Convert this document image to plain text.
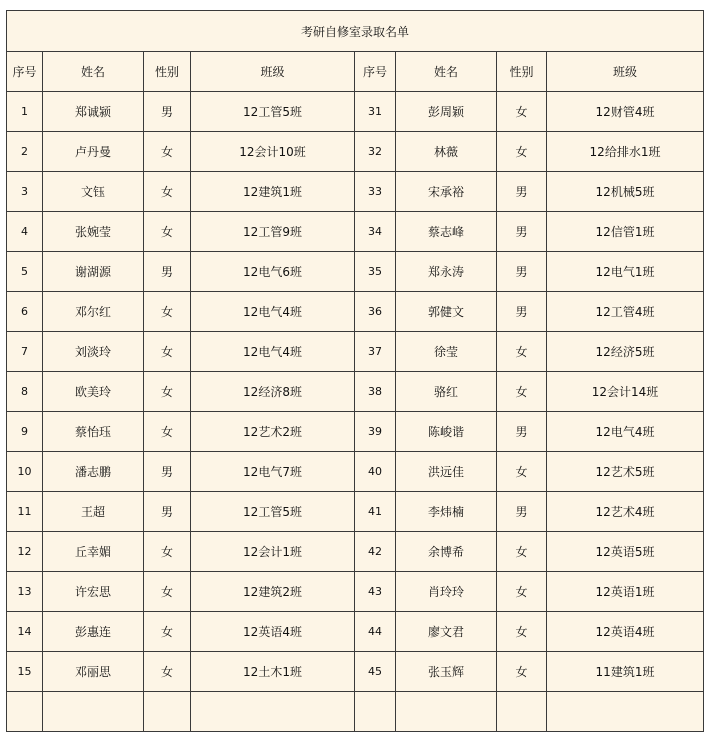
考研自修室录取名单							
序号	姓名	性别	班级	序号	姓名	性别	班级
1	郑诚颍	男	12工管5班	31	彭周颖	女	12财管4班
2	卢丹曼	女	12会计10班	32	林薇	女	12给排水1班
3	文钰	女	12建筑1班	33	宋承裕	男	12机械5班
4	张婉莹	女	12工管9班	34	蔡志峰	男	12信管1班
5	谢湖源	男	12电气6班	35	郑永涛	男	12电气1班
6	邓尔红	女	12电气4班	36	郭健文	男	12工管4班
7	刘淡玲	女	12电气4班	37	徐莹	女	12经济5班
8	欧美玲	女	12经济8班	38	骆红	女	12会计14班
9	蔡怡珏	女	12艺术2班	39	陈峻谐	男	12电气4班
10	潘志鹏	男	12电气7班	40	洪远佳	女	12艺术5班
11	王超	男	12工管5班	41	李炜楠	男	12艺术4班
12	丘幸媚	女	12会计1班	42	余博希	女	12英语5班
13	许宏思	女	12建筑2班	43	肖玲玲	女	12英语1班
14	彭惠连	女	12英语4班	44	廖文君	女	12英语4班
15	邓丽思	女	12土木1班	45	张玉辉	女	11建筑1班
